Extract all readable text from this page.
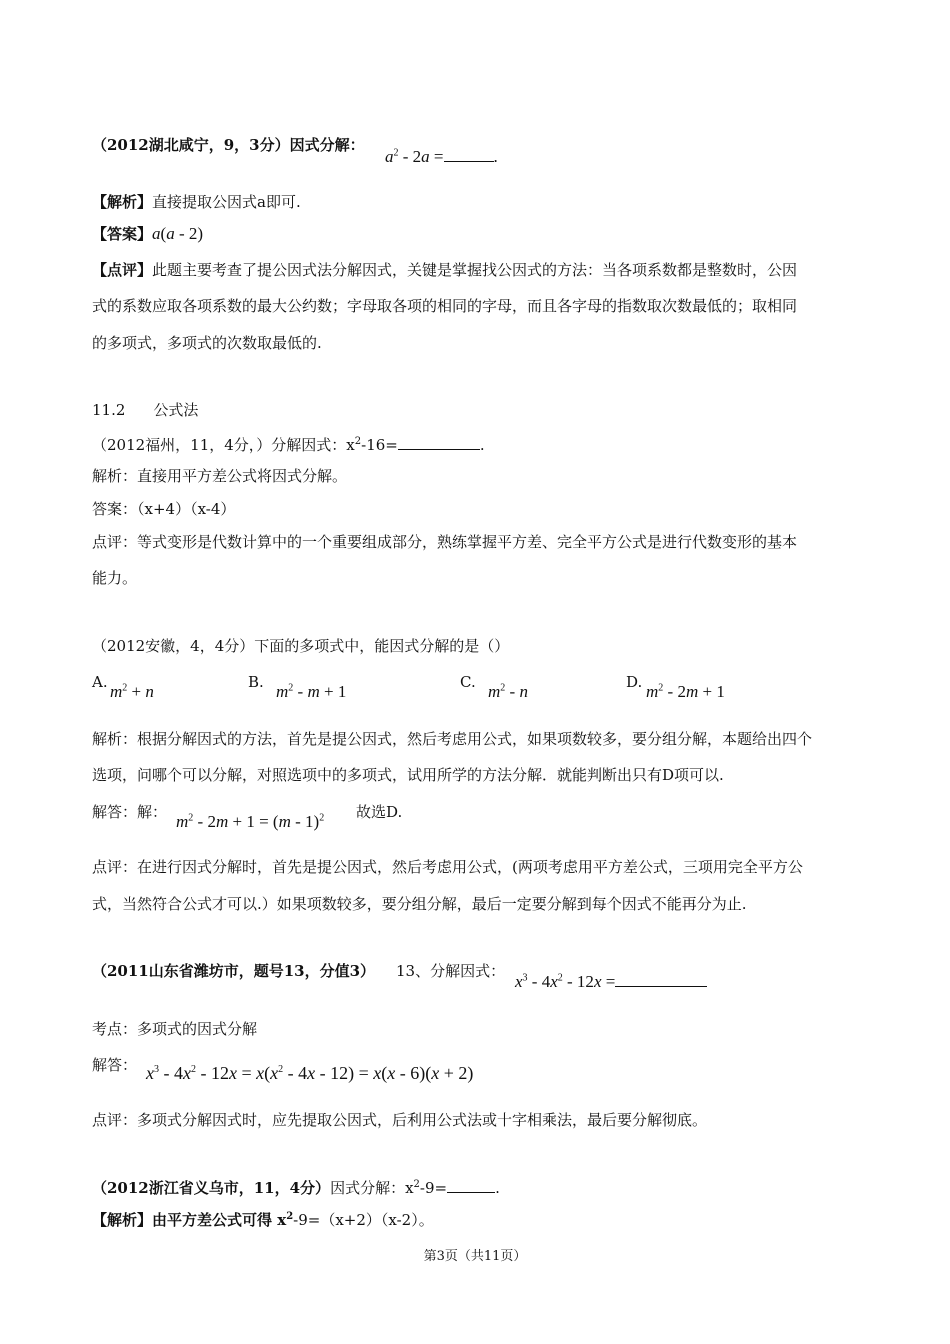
（2012湖北咸宁，9，3分）因式分解：
$a^2 - 2a$ =	.
【解析】直接提取公因式a即可.
【答案】a(a - 2)
【点评】此题主要考查了提公因式法分解因式，关键是掌握找公因式的方法：当各项系数都是整数时，公因
式的系数应取各项系数的最大公约数；字母取各项的相同的字母，而且各字母的指数取次数最低的；取相同
的多项式，多项式的次数取最低的.
11.2 公式法
（2012福州，11，4分，）分解因式：$x^2-16=$	.
解析：直接用平方差公式将因式分解。
答案：（x+4）（x-4）
点评：等式变形是代数计算中的一个重要组成部分，熟练掌握平方差、完全平方公式是进行代数变形的基本
能力。
（2012安徽，4，4分）下面的多项式中，能因式分解的是（）
A. $m^2 + n$	B. $m^2 - m + 1$	C. $m^2$ - n	D. $m^2 - 2m + 1$
解析：根据分解因式的方法，首先是提公因式，然后考虑用公式，如果项数较多，要分组分解，本题给出四个
选项，问哪个可以分解，对照选项中的多项式，试用所学的方法分解．就能判断出只有D项可以.
解答：解： $m^2 - 2m + 1 = (m - 1)^2$ 故选D.
点评：在进行因式分解时，首先是提公因式，然后考虑用公式，(两项考虑用平方差公式，三项用完全平方公
式，当然符合公式才可以.）如果项数较多，要分组分解，最后一定要分解到每个因式不能再分为止.
（2011山东省潍坊市，题号13，分值3） 13、分解因式：
$x^3 - 4x^2 - 12x$ =
考点：多项式的因式分解
解答： $x^3 - 4x^2 - 12x = x(x^2 - 4x - 12) = x(x - 6)(x + 2)$
点评：多项式分解因式时，应先提取公因式，后利用公式法或十字相乘法，最后要分解彻底。
（2012浙江省义乌市，11，4分）因式分解：$x^2-9=$	.
【解析】由平方差公式可得 $x^2-9=(x+2)(x-2)$。
第3页（共11页）
